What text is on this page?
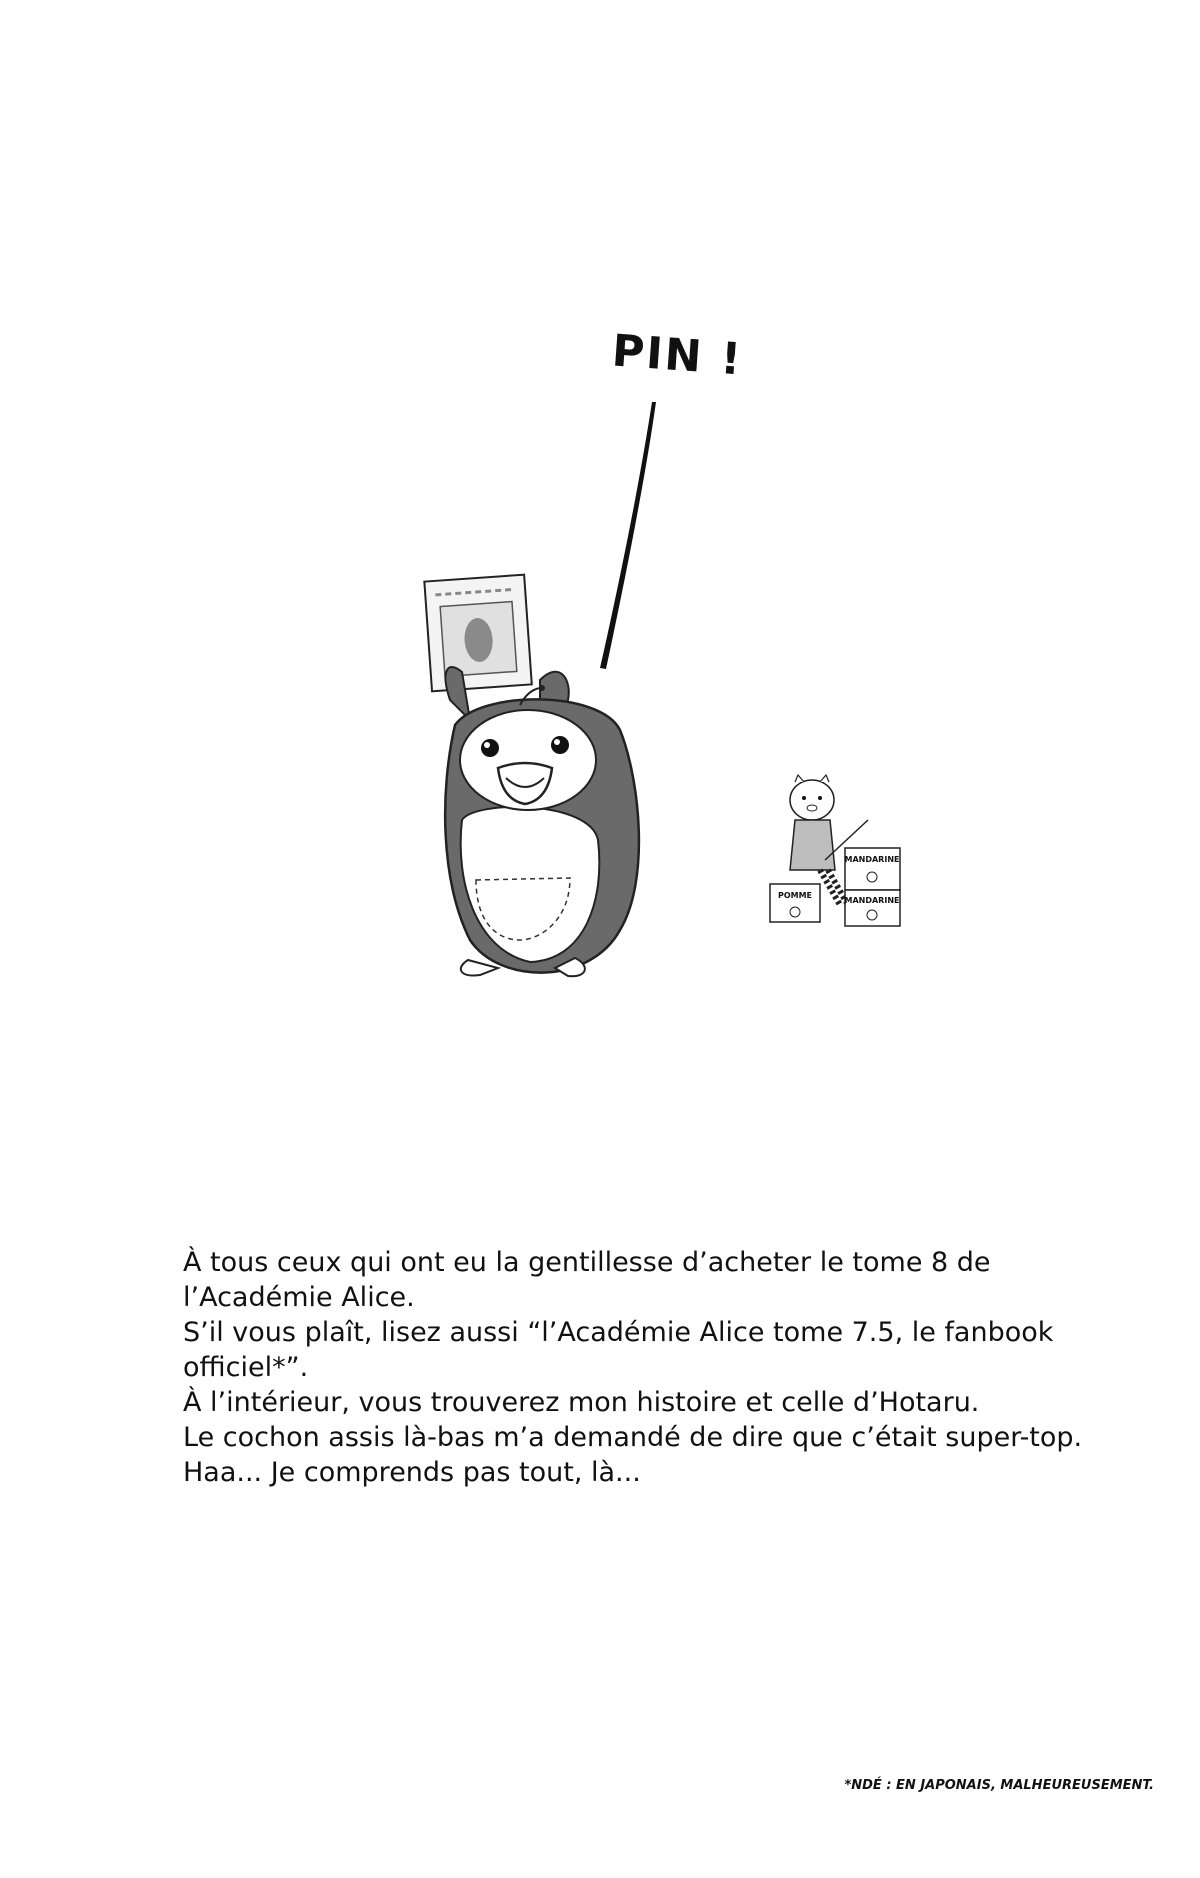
PIN !
MANDARINE
POMME
MANDARINE

À tous ceux qui ont eu la gentillesse d’acheter le tome 8 de l’Académie Alice.

S’il vous plaît, lisez aussi “l’Académie Alice tome 7.5, le fanbook officiel*”.

À l’intérieur, vous trouverez mon histoire et celle d’Hotaru.

Le cochon assis là-bas m’a demandé de dire que c’était super-top.

Haa... Je comprends pas tout, là...

*NDÉ : EN JAPONAIS, MALHEUREUSEMENT.
